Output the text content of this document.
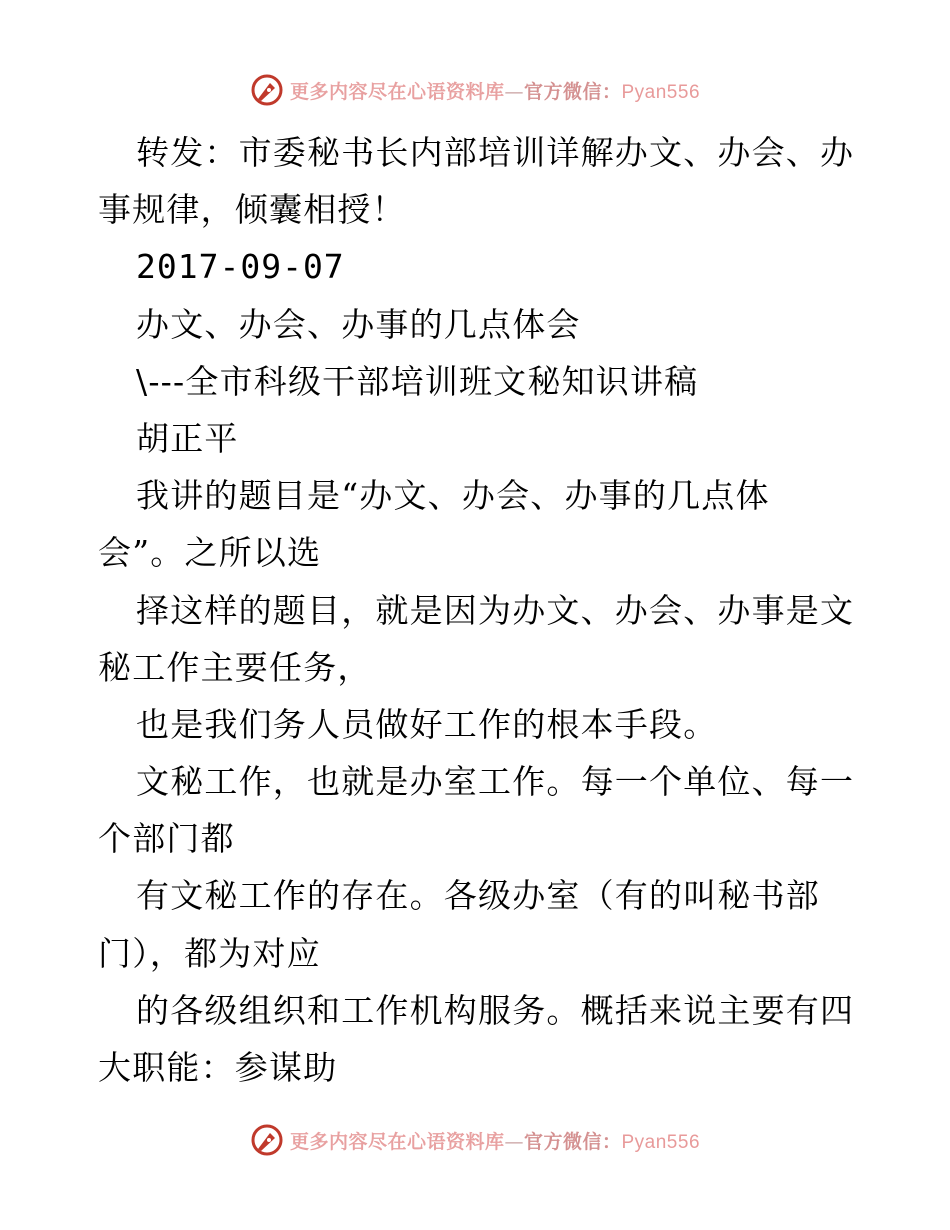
更多内容尽在心语资料库—官方微信：Pyan556
转发：市委秘书长内部培训详解办文、办会、办
事规律，倾囊相授！
2017-09-07
办文、办会、办事的几点体会
\---全市科级干部培训班文秘知识讲稿
胡正平
我讲的题目是“办文、办会、办事的几点体
会”。之所以选
择这样的题目，就是因为办文、办会、办事是文
秘工作主要任务，
也是我们务人员做好工作的根本手段。
文秘工作，也就是办室工作。每一个单位、每一
个部门都
有文秘工作的存在。各级办室（有的叫秘书部
门），都为对应
的各级组织和工作机构服务。概括来说主要有四
大职能：参谋助
更多内容尽在心语资料库—官方微信：Pyan556
